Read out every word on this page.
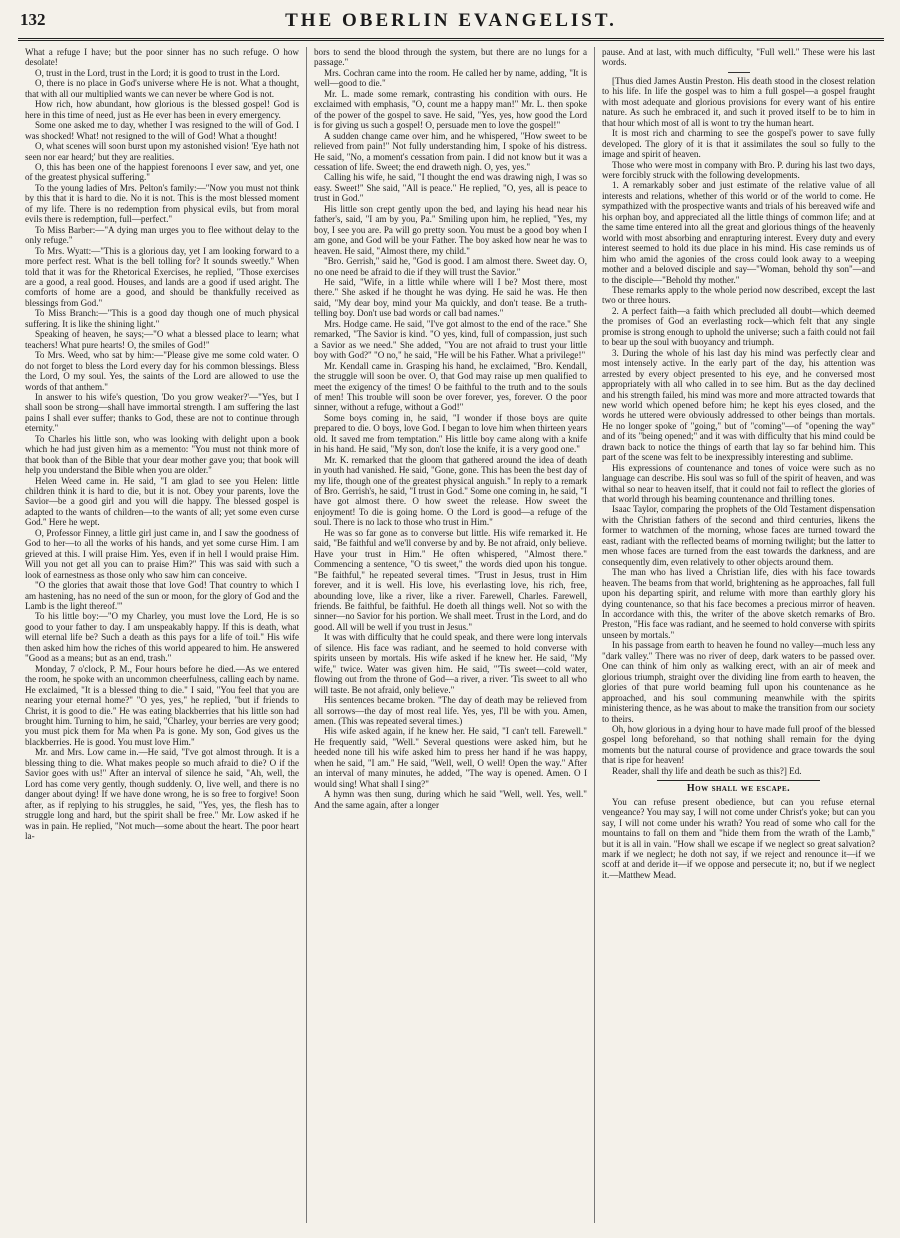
132	THE OBERLIN EVANGELIST.

What a refuge I have; but the poor sinner has no such refuge. O how desolate!

O, trust in the Lord, trust in the Lord; it is good to trust in the Lord.

O, there is no place in God's universe where He is not. What a thought, that with all our multiplied wants we can never be where God is not.

How rich, how abundant, how glorious is the blessed gospel! God is here in this time of need, just as He ever has been in every emergency.

Some one asked me to day, whether I was resigned to the will of God. I was shocked! What! not resigned to the will of God! What a thought!

O, what scenes will soon burst upon my astonished vision! 'Eye hath not seen nor ear heard;' but they are realities.

O, this has been one of the happiest forenoons I ever saw, and yet, one of the greatest physical suffering."

To the young ladies of Mrs. Pelton's family:—"Now you must not think by this that it is hard to die. No it is not. This is the most blessed moment of my life. There is no redemption from physical evils, but from moral evils there is redemption, full—perfect."

To Miss Barber:—"A dying man urges you to flee without delay to the only refuge."

To Mrs. Wyatt:—"This is a glorious day, yet I am looking forward to a more perfect rest. What is the bell tolling for? It sounds sweetly." When told that it was for the Rhetorical Exercises, he replied, "Those exercises are a good, a real good. Houses, and lands are a good if used aright. The comforts of home are a good, and should be thankfully received as blessings from God."

To Miss Branch:—"This is a good day though one of much physical suffering. It is like the shining light."

Speaking of heaven, he says;—"O what a blessed place to learn; what teachers! What pure hearts! O, the smiles of God!"

To Mrs. Weed, who sat by him:—"Please give me some cold water. O do not forget to bless the Lord every day for his common blessings. Bless the Lord, O my soul. Yes, the saints of the Lord are allowed to use the words of that anthem."

In answer to his wife's question, 'Do you grow weaker?'—"Yes, but I shall soon be strong—shall have immortal strength. I am suffering the last pains I shall ever suffer; thanks to God, these are not to continue through eternity."

To Charles his little son, who was looking with delight upon a book which he had just given him as a memento: "You must not think more of that book than of the Bible that your dear mother gave you; that book will help you understand the Bible when you are older."

Helen Weed came in. He said, "I am glad to see you Helen: little children think it is hard to die, but it is not. Obey your parents, love the Savior—be a good girl and you will die happy. The blessed gospel is adapted to the wants of children—to the wants of all; yet some even curse God." Here he wept.

O, Professor Finney, a little girl just came in, and I saw the goodness of God to her—to all the works of his hands, and yet some curse Him. I am grieved at this. I will praise Him. Yes, even if in hell I would praise Him. Will you not get all you can to praise Him?" This was said with such a look of earnestness as those only who saw him can conceive.

"O the glories that await those that love God! That country to which I am hastening, has no need of the sun or moon, for the glory of God and the Lamb is the light thereof.'"

To his little boy:—"O my Charley, you must love the Lord, He is so good to your father to day. I am unspeakably happy. If this is death, what will eternal life be? Such a death as this pays for a life of toil." His wife then asked him how the riches of this world appeared to him. He answered "Good as a means; but as an end, trash."

Monday, 7 o'clock, P. M., Four hours before he died.—As we entered the room, he spoke with an uncommon cheerfulness, calling each by name. He exclaimed, "It is a blessed thing to die." I said, "You feel that you are nearing your eternal home?" "O yes, yes," he replied, "but if friends to Christ, it is good to die." He was eating blackberries that his little son had brought him. Turning to him, he said, "Charley, your berries are very good; you must pick them for Ma when Pa is gone. My son, God gives us the blackberries. He is good. You must love Him."

Mr. and Mrs. Low came in.—He said, "I've got almost through. It is a blessing thing to die. What makes people so much afraid to die? O if the Savior goes with us!" After an interval of silence he said, "Ah, well, the Lord has come very gently, though suddenly. O, live well, and there is no danger about dying! If we have done wrong, he is so free to forgive! Soon after, as if replying to his struggles, he said, "Yes, yes, the flesh has to struggle long and hard, but the spirit shall be free." Mr. Low asked if he was in pain. He replied, "Not much—some about the heart. The poor heart la-

bors to send the blood through the system, but there are no lungs for a passage."

Mrs. Cochran came into the room. He called her by name, adding, "It is well—good to die."

Mr. L. made some remark, contrasting his condition with ours. He exclaimed with emphasis, "O, count me a happy man!" Mr. L. then spoke of the power of the gospel to save. He said, "Yes, yes, how good the Lord is for giving us such a gospel! O, persuade men to love the gospel!"

A sudden change came over him, and he whispered, "How sweet to be relieved from pain!" Not fully understanding him, I spoke of his distress. He said, "No, a moment's cessation from pain. I did not know but it was a cessation of life. Sweet; the end draweth nigh. O, yes, yes."

Calling his wife, he said, "I thought the end was drawing nigh, I was so easy. Sweet!" She said, "All is peace." He replied, "O, yes, all is peace to trust in God."

His little son crept gently upon the bed, and laying his head near his father's, said, "I am by you, Pa." Smiling upon him, he replied, "Yes, my boy, I see you are. Pa will go pretty soon. You must be a good boy when I am gone, and God will be your Father. The boy asked how near he was to heaven. He said, "Almost there, my child."

"Bro. Gerrish," said he, "God is good. I am almost there. Sweet day. O, no one need be afraid to die if they will trust the Savior."

He said, "Wife, in a little while where will I be? Most there, most there." She asked if he thought he was dying. He said he was. He then said, "My dear boy, mind your Ma quickly, and don't tease. Be a truth-telling boy. Don't use bad words or call bad names."

Mrs. Hodge came. He said, "I've got almost to the end of the race." She remarked, "The Savior is kind. "O yes, kind, full of compassion, just such a Savior as we need." She added, "You are not afraid to trust your little boy with God?" "O no," he said, "He will be his Father. What a privilege!"

Mr. Kendall came in. Grasping his hand, he exclaimed, "Bro. Kendall, the struggle will soon be over. O, that God may raise up men qualified to meet the exigency of the times! O be faithful to the truth and to the souls of men! This trouble will soon be over forever, yes, forever. O the poor sinner, without a refuge, without a God!"

Some boys coming in, he said, "I wonder if those boys are quite prepared to die. O boys, love God. I began to love him when thirteen years old. It saved me from temptation." His little boy came along with a knife in his hand. He said, "My son, don't lose the knife, it is a very good one."

Mr. K. remarked that the gloom that gathered around the idea of death in youth had vanished. He said, "Gone, gone. This has been the best day of my life, though one of the greatest physical anguish." In reply to a remark of Bro. Gerrish's, he said, "I trust in God." Some one coming in, he said, "I have got almost there. O how sweet the release. How sweet the enjoyment! To die is going home. O the Lord is good—a refuge of the soul. There is no lack to those who trust in Him."

He was so far gone as to converse but little. His wife remarked it. He said, "Be faithful and we'll converse by and by. Be not afraid, only believe. Have your trust in Him." He often whispered, "Almost there." Commencing a sentence, "O tis sweet," the words died upon his tongue. "Be faithful," he repeated several times. "Trust in Jesus, trust in Him forever, and it is well. His love, his everlasting love, his rich, free, abounding love, like a river, like a river. Farewell, Charles. Farewell, friends. Be faithful, be faithful. He doeth all things well. Not so with the sinner—no Savior for his portion. We shall meet. Trust in the Lord, and do good. All will be well if you trust in Jesus."

It was with difficulty that he could speak, and there were long intervals of silence. His face was radiant, and he seemed to hold converse with spirits unseen by mortals. His wife asked if he knew her. He said, "My wife," twice. Water was given him. He said, "'Tis sweet—cold water, flowing out from the throne of God—a river, a river. 'Tis sweet to all who will taste. Be not afraid, only believe."

His sentences became broken. "The day of death may be relieved from all sorrows—the day of most real life. Yes, yes, I'll be with you. Amen, amen. (This was repeated several times.)

His wife asked again, if he knew her. He said, "I can't tell. Farewell." He frequently said, "Well." Several questions were asked him, but he heeded none till his wife asked him to press her hand if he was happy, when he said, "I am." He said, "Well, well, O well! Open the way." After an interval of many minutes, he added, "The way is opened. Amen. O I would sing! What shall I sing?"

A hymn was then sung, during which he said "Well, well. Yes, well." And the same again, after a longer

pause. And at last, with much difficulty, "Full well." These were his last words.

[Thus died James Austin Preston. His death stood in the closest relation to his life. In life the gospel was to him a full gospel—a gospel fraught with most adequate and glorious provisions for every want of his entire nature. As such he embraced it, and such it proved itself to be to him in that hour which most of all is wont to try the human heart.

It is most rich and charming to see the gospel's power to save fully developed. The glory of it is that it assimilates the soul so fully to the image and spirit of heaven.

Those who were most in company with Bro. P. during his last two days, were forcibly struck with the following developments.

1. A remarkably sober and just estimate of the relative value of all interests and relations, whether of this world or of the world to come. He sympathized with the prospective wants and trials of his bereaved wife and his orphan boy, and appreciated all the little things of common life; and at the same time entered into all the great and glorious things of the heavenly world with most absorbing and enrapturing interest. Every duty and every interest seemed to hold its due place in his mind. His case reminds us of him who amid the agonies of the cross could look away to a weeping mother and a beloved disciple and say—"Woman, behold thy son"—and to the disciple—"Behold thy mother."

These remarks apply to the whole period now described, except the last two or three hours.

2. A perfect faith—a faith which precluded all doubt—which deemed the promises of God an everlasting rock—which felt that any single promise is strong enough to uphold the universe; such a faith could not fail to bear up the soul with buoyancy and triumph.

3. During the whole of his last day his mind was perfectly clear and most intensely active. In the early part of the day, his attention was arrested by every object presented to his eye, and he conversed most appropriately with all who called in to see him. But as the day declined and his strength failed, his mind was more and more attracted towards that new world which opened before him; he kept his eyes closed, and the words he uttered were obviously addressed to other beings than mortals. He no longer spoke of "going," but of "coming"—of "opening the way" and of its "being opened;" and it was with difficulty that his mind could be drawn back to notice the things of earth that lay so far behind him. This part of the scene was felt to be inexpressibly interesting and sublime.

His expressions of countenance and tones of voice were such as no language can describe. His soul was so full of the spirit of heaven, and was withal so near to heaven itself, that it could not fail to reflect the glories of that world through his beaming countenance and thrilling tones.

Isaac Taylor, comparing the prophets of the Old Testament dispensation with the Christian fathers of the second and third centuries, likens the former to watchmen of the morning, whose faces are turned toward the east, radiant with the reflected beams of morning twilight; but the latter to men whose faces are turned from the east towards the darkness, and are consequently dim, even relatively to other objects around them.

The man who has lived a Christian life, dies with his face towards heaven. The beams from that world, brightening as he approaches, fall full upon his departing spirit, and relume with more than earthly glory his dying countenance, so that his face becomes a precious mirror of heaven. In accordance with this, the writer of the above sketch remarks of Bro. Preston, "His face was radiant, and he seemed to hold converse with spirits unseen by mortals."

In his passage from earth to heaven he found no valley—much less any "dark valley." There was no river of deep, dark waters to be passed over. One can think of him only as walking erect, with an air of meek and glorious triumph, straight over the dividing line from earth to heaven, the glories of that pure world beaming full upon his countenance as he approached, and his soul communing meanwhile with the spirits ministering thence, as he was about to make the transition from our society to theirs.

Oh, how glorious in a dying hour to have made full proof of the blessed gospel long beforehand, so that nothing shall remain for the dying moments but the natural course of providence and grace towards the soul that is ripe for heaven!

Reader, shall thy life and death be such as this?] Ed.

How shall we escape.

You can refuse present obedience, but can you refuse eternal vengeance? You may say, I will not come under Christ's yoke; but can you say, I will not come under his wrath? You read of some who call for the mountains to fall on them and "hide them from the wrath of the Lamb," but it is all in vain. "How shall we escape if we neglect so great salvation? mark if we neglect; he doth not say, if we reject and renounce it—if we scoff at and deride it—if we oppose and persecute it; no, but if we neglect it.—Matthew Mead.
